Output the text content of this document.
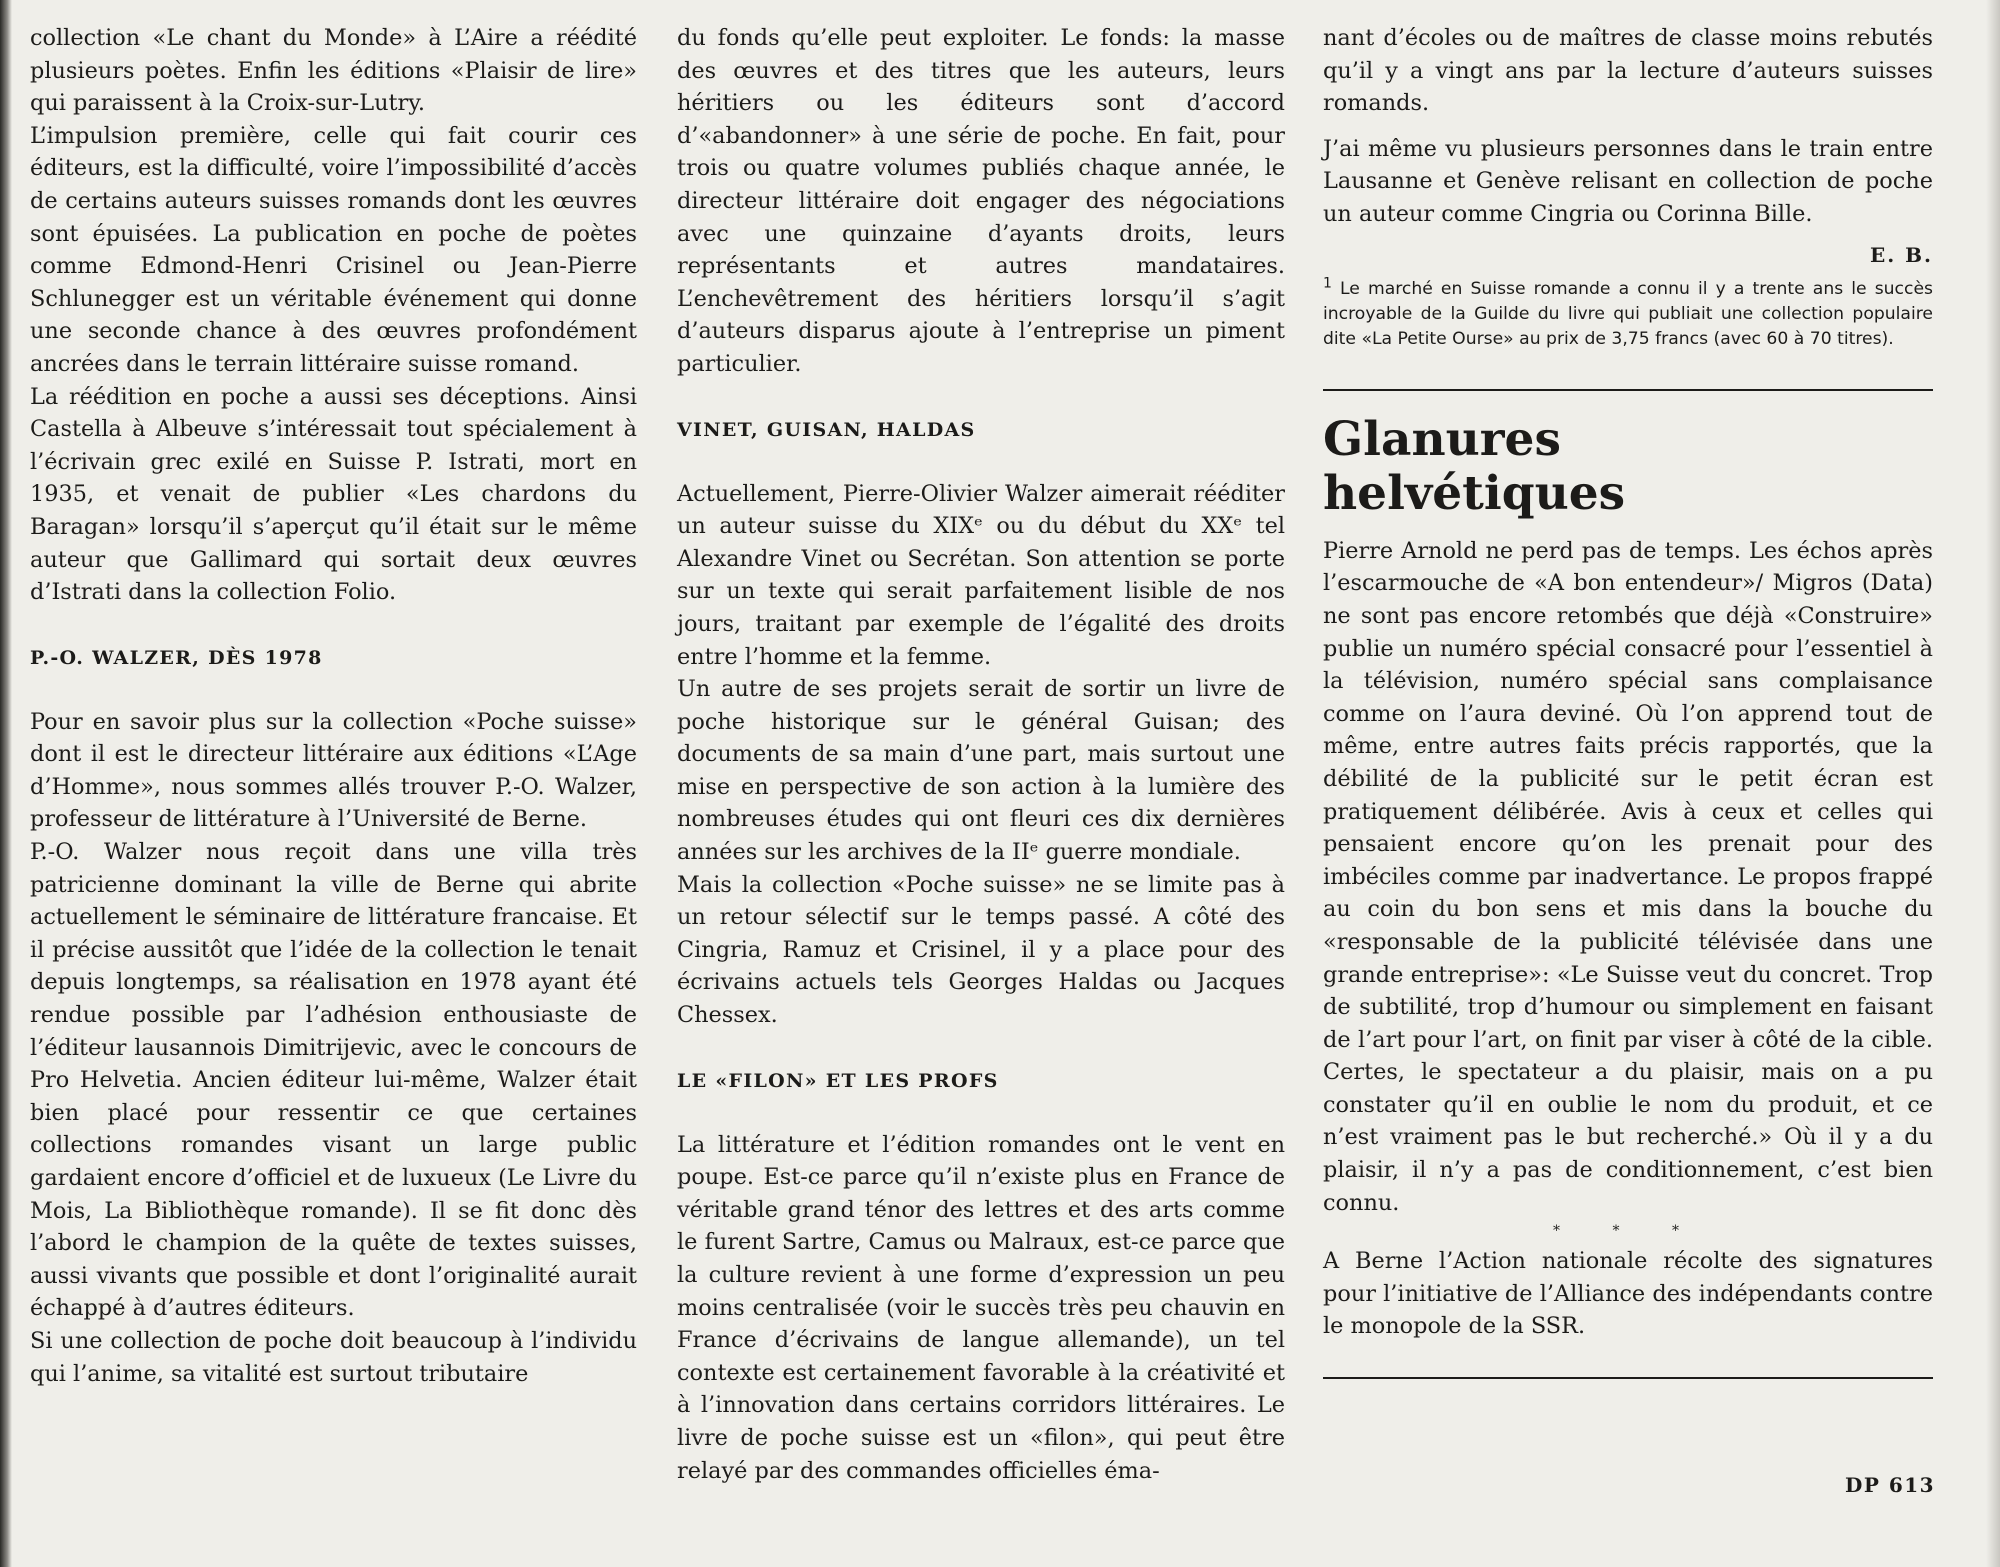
collection «Le chant du Monde» à L’Aire a réédité plusieurs poètes. Enfin les éditions «Plaisir de lire» qui paraissent à la Croix-sur-Lutry.

L’impulsion première, celle qui fait courir ces éditeurs, est la difficulté, voire l’impossibilité d’accès de certains auteurs suisses romands dont les œuvres sont épuisées. La publication en poche de poètes comme Edmond-Henri Crisinel ou Jean-Pierre Schlunegger est un véritable événement qui donne une seconde chance à des œuvres profondément ancrées dans le terrain littéraire suisse romand.

La réédition en poche a aussi ses déceptions. Ainsi Castella à Albeuve s’intéressait tout spécialement à l’écrivain grec exilé en Suisse P. Istrati, mort en 1935, et venait de publier «Les chardons du Baragan» lorsqu’il s’aperçut qu’il était sur le même auteur que Gallimard qui sortait deux œuvres d’Istrati dans la collection Folio.

P.-O. WALZER, DÈS 1978

Pour en savoir plus sur la collection «Poche suisse» dont il est le directeur littéraire aux éditions «L’Age d’Homme», nous sommes allés trouver P.-O. Walzer, professeur de littérature à l’Université de Berne.

P.-O. Walzer nous reçoit dans une villa très patricienne dominant la ville de Berne qui abrite actuellement le séminaire de littérature francaise. Et il précise aussitôt que l’idée de la collection le tenait depuis longtemps, sa réalisation en 1978 ayant été rendue possible par l’adhésion enthousiaste de l’éditeur lausannois Dimitrijevic, avec le concours de Pro Helvetia. Ancien éditeur lui-même, Walzer était bien placé pour ressentir ce que certaines collections romandes visant un large public gardaient encore d’officiel et de luxueux (Le Livre du Mois, La Bibliothèque romande). Il se fit donc dès l’abord le champion de la quête de textes suisses, aussi vivants que possible et dont l’originalité aurait échappé à d’autres éditeurs.

Si une collection de poche doit beaucoup à l’individu qui l’anime, sa vitalité est surtout tributaire

du fonds qu’elle peut exploiter. Le fonds: la masse des œuvres et des titres que les auteurs, leurs héritiers ou les éditeurs sont d’accord d’«abandonner» à une série de poche. En fait, pour trois ou quatre volumes publiés chaque année, le directeur littéraire doit engager des négociations avec une quinzaine d’ayants droits, leurs représentants et autres mandataires. L’enchevêtrement des héritiers lorsqu’il s’agit d’auteurs disparus ajoute à l’entreprise un piment particulier.

VINET, GUISAN, HALDAS

Actuellement, Pierre-Olivier Walzer aimerait rééditer un auteur suisse du XIXᵉ ou du début du XXᵉ tel Alexandre Vinet ou Secrétan. Son attention se porte sur un texte qui serait parfaitement lisible de nos jours, traitant par exemple de l’égalité des droits entre l’homme et la femme.

Un autre de ses projets serait de sortir un livre de poche historique sur le général Guisan; des documents de sa main d’une part, mais surtout une mise en perspective de son action à la lumière des nombreuses études qui ont fleuri ces dix dernières années sur les archives de la IIᵉ guerre mondiale.

Mais la collection «Poche suisse» ne se limite pas à un retour sélectif sur le temps passé. A côté des Cingria, Ramuz et Crisinel, il y a place pour des écrivains actuels tels Georges Haldas ou Jacques Chessex.

LE «FILON» ET LES PROFS

La littérature et l’édition romandes ont le vent en poupe. Est-ce parce qu’il n’existe plus en France de véritable grand ténor des lettres et des arts comme le furent Sartre, Camus ou Malraux, est-ce parce que la culture revient à une forme d’expression un peu moins centralisée (voir le succès très peu chauvin en France d’écrivains de langue allemande), un tel contexte est certainement favorable à la créativité et à l’innovation dans certains corridors littéraires. Le livre de poche suisse est un «filon», qui peut être relayé par des commandes officielles éma-

nant d’écoles ou de maîtres de classe moins rebutés qu’il y a vingt ans par la lecture d’auteurs suisses romands.

J’ai même vu plusieurs personnes dans le train entre Lausanne et Genève relisant en collection de poche un auteur comme Cingria ou Corinna Bille.

E. B.

$^1$ Le marché en Suisse romande a connu il y a trente ans le succès incroyable de la Guilde du livre qui publiait une collection populaire dite «La Petite Ourse» au prix de 3,75 francs (avec 60 à 70 titres).

Glanures
helvétiques

Pierre Arnold ne perd pas de temps. Les échos après l’escarmouche de «A bon entendeur»/ Migros (Data) ne sont pas encore retombés que déjà «Construire» publie un numéro spécial consacré pour l’essentiel à la télévision, numéro spécial sans complaisance comme on l’aura deviné. Où l’on apprend tout de même, entre autres faits précis rapportés, que la débilité de la publicité sur le petit écran est pratiquement délibérée. Avis à ceux et celles qui pensaient encore qu’on les prenait pour des imbéciles comme par inadvertance. Le propos frappé au coin du bon sens et mis dans la bouche du «responsable de la publicité télévisée dans une grande entreprise»: «Le Suisse veut du concret. Trop de subtilité, trop d’humour ou simplement en faisant de l’art pour l’art, on finit par viser à côté de la cible. Certes, le spectateur a du plaisir, mais on a pu constater qu’il en oublie le nom du produit, et ce n’est vraiment pas le but recherché.» Où il y a du plaisir, il n’y a pas de conditionnement, c’est bien connu.

* * *

A Berne l’Action nationale récolte des signatures pour l’initiative de l’Alliance des indépendants contre le monopole de la SSR.

DP 613
